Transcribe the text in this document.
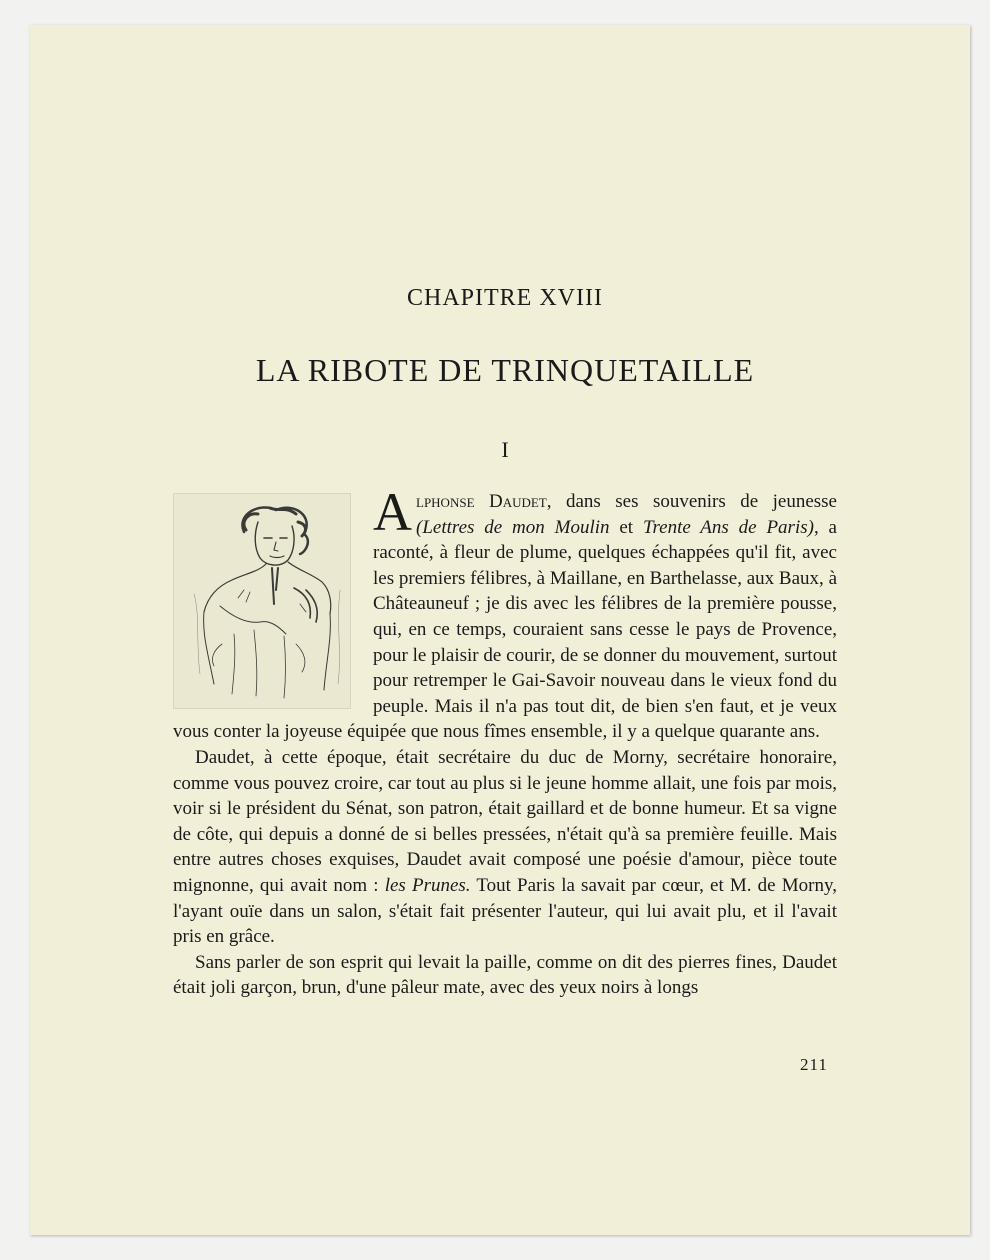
CHAPITRE XVIII
LA RIBOTE DE TRINQUETAILLE
I

Alphonse Daudet, dans ses souvenirs de jeunesse (Lettres de mon Moulin et Trente Ans de Paris), a raconté, à fleur de plume, quelques échappées qu'il fit, avec les premiers félibres, à Maillane, en Barthelasse, aux Baux, à Châteauneuf ; je dis avec les félibres de la première pousse, qui, en ce temps, couraient sans cesse le pays de Provence, pour le plaisir de courir, de se donner du mouvement, surtout pour retremper le Gai-Savoir nouveau dans le vieux fond du peuple. Mais il n'a pas tout dit, de bien s'en faut, et je veux vous conter la joyeuse équipée que nous fîmes ensemble, il y a quelque quarante ans.

Daudet, à cette époque, était secrétaire du duc de Morny, secrétaire honoraire, comme vous pouvez croire, car tout au plus si le jeune homme allait, une fois par mois, voir si le président du Sénat, son patron, était gaillard et de bonne humeur. Et sa vigne de côte, qui depuis a donné de si belles pressées, n'était qu'à sa première feuille. Mais entre autres choses exquises, Daudet avait composé une poésie d'amour, pièce toute mignonne, qui avait nom : les Prunes. Tout Paris la savait par cœur, et M. de Morny, l'ayant ouïe dans un salon, s'était fait présenter l'auteur, qui lui avait plu, et il l'avait pris en grâce.

Sans parler de son esprit qui levait la paille, comme on dit des pierres fines, Daudet était joli garçon, brun, d'une pâleur mate, avec des yeux noirs à longs

211
